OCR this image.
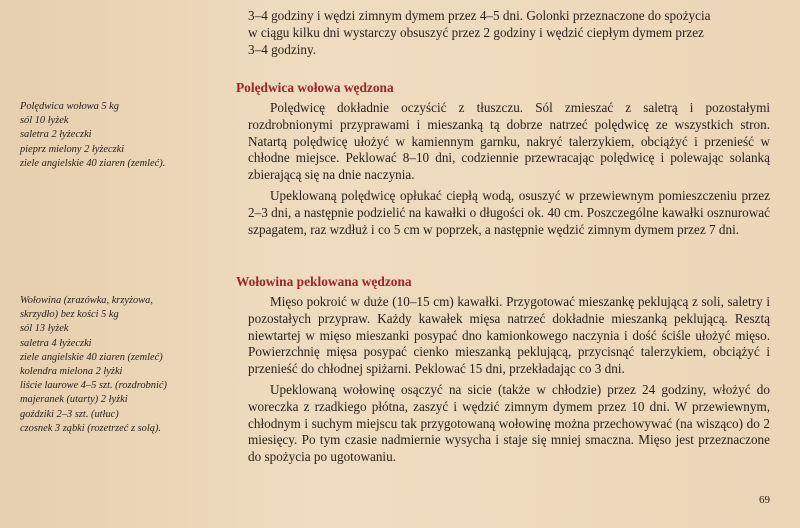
3–4 godziny i wędzi zimnym dymem przez 4–5 dni. Golonki przeznaczone do spożycia
w ciągu kilku dni wystarczy obsuszyć przez 2 godziny i wędzić ciepłym dymem przez
3–4 godziny.
Polędwica wołowa wędzona
Polędwica wołowa 5 kg
sól 10 łyżek
saletra 2 łyżeczki
pieprz mielony 2 łyżeczki
ziele angielskie 40 ziaren (zemleć).

Polędwicę dokładnie oczyścić z tłuszczu. Sól zmieszać z saletrą i pozostałymi rozdrobnionymi przyprawami i mieszanką tą dobrze natrzeć polędwicę ze wszystkich stron. Natartą polędwicę ułożyć w kamiennym garnku, nakryć talerzykiem, obciążyć i przenieść w chłodne miejsce. Peklować 8–10 dni, codziennie przewracając polędwicę i polewając solanką zbierającą się na dnie naczynia.

Upeklowaną polędwicę opłukać ciepłą wodą, osuszyć w przewiewnym pomieszczeniu przez 2–3 dni, a następnie podzielić na kawałki o długości ok. 40 cm. Poszczególne kawałki osznurować szpagatem, raz wzdłuż i co 5 cm w poprzek, a następnie wędzić zimnym dymem przez 7 dni.

Wołowina peklowana wędzona
Wołowina (zrazówka, krzyżowa,
skrzydło) bez kości 5 kg
sól 13 łyżek
saletra 4 łyżeczki
ziele angielskie 40 ziaren (zemleć)
kolendra mielona 2 łyżki
liście laurowe 4–5 szt. (rozdrobnić)
majeranek (utarty) 2 łyżki
goździki 2–3 szt. (utłuc)
czosnek 3 ząbki (rozetrzeć z solą).

Mięso pokroić w duże (10–15 cm) kawałki. Przygotować mieszankę peklującą z soli, saletry i pozostałych przypraw. Każdy kawałek mięsa natrzeć dokładnie mieszanką peklującą. Resztą niewtartej w mięso mieszanki posypać dno kamionkowego naczynia i dość ściśle ułożyć mięso. Powierzchnię mięsa posypać cienko mieszanką peklującą, przycisnąć talerzykiem, obciążyć i przenieść do chłodnej spiżarni. Peklować 15 dni, przekładając co 3 dni.

Upeklowaną wołowinę osączyć na sicie (także w chłodzie) przez 24 godziny, włożyć do woreczka z rzadkiego płótna, zaszyć i wędzić zimnym dymem przez 10 dni. W przewiewnym, chłodnym i suchym miejscu tak przygotowaną wołowinę można przechowywać (na wisząco) do 2 miesięcy. Po tym czasie nadmiernie wysycha i staje się mniej smaczna. Mięso jest przeznaczone do spożycia po ugotowaniu.

69
